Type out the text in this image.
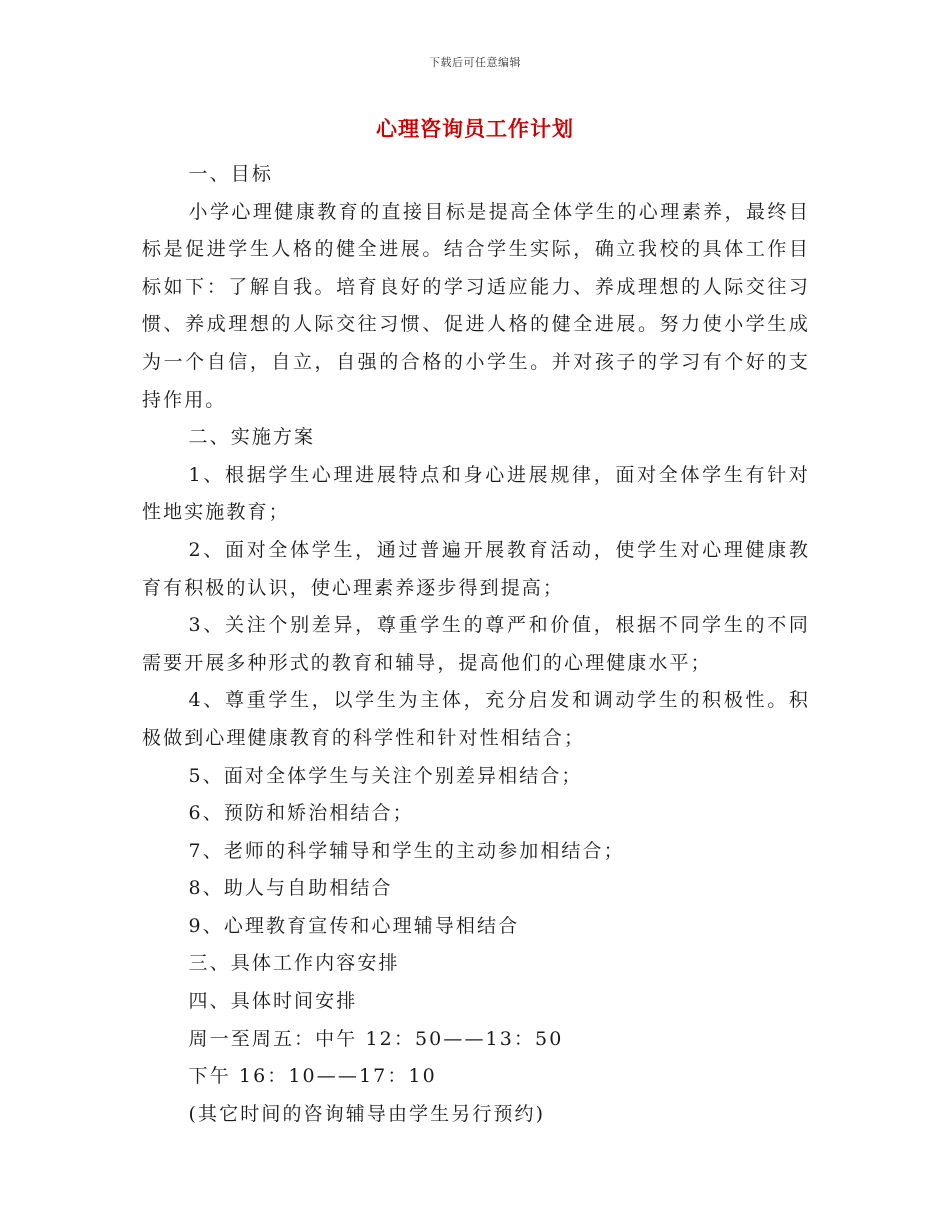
下载后可任意编辑
心理咨询员工作计划

一、目标

小学心理健康教育的直接目标是提高全体学生的心理素养，最终目标是促进学生人格的健全进展。结合学生实际，确立我校的具体工作目标如下：了解自我。培育良好的学习适应能力、养成理想的人际交往习惯、养成理想的人际交往习惯、促进人格的健全进展。努力使小学生成为一个自信，自立，自强的合格的小学生。并对孩子的学习有个好的支持作用。

二、实施方案

1、根据学生心理进展特点和身心进展规律，面对全体学生有针对性地实施教育；

2、面对全体学生，通过普遍开展教育活动，使学生对心理健康教育有积极的认识，使心理素养逐步得到提高；

3、关注个别差异，尊重学生的尊严和价值，根据不同学生的不同需要开展多种形式的教育和辅导，提高他们的心理健康水平；

4、尊重学生，以学生为主体，充分启发和调动学生的积极性。积极做到心理健康教育的科学性和针对性相结合；

5、面对全体学生与关注个别差异相结合；

6、预防和矫治相结合；

7、老师的科学辅导和学生的主动参加相结合；

8、助人与自助相结合

9、心理教育宣传和心理辅导相结合

三、具体工作内容安排

四、具体时间安排

周一至周五：中午 12：50——13：50

下午 16：10——17：10

(其它时间的咨询辅导由学生另行预约)
